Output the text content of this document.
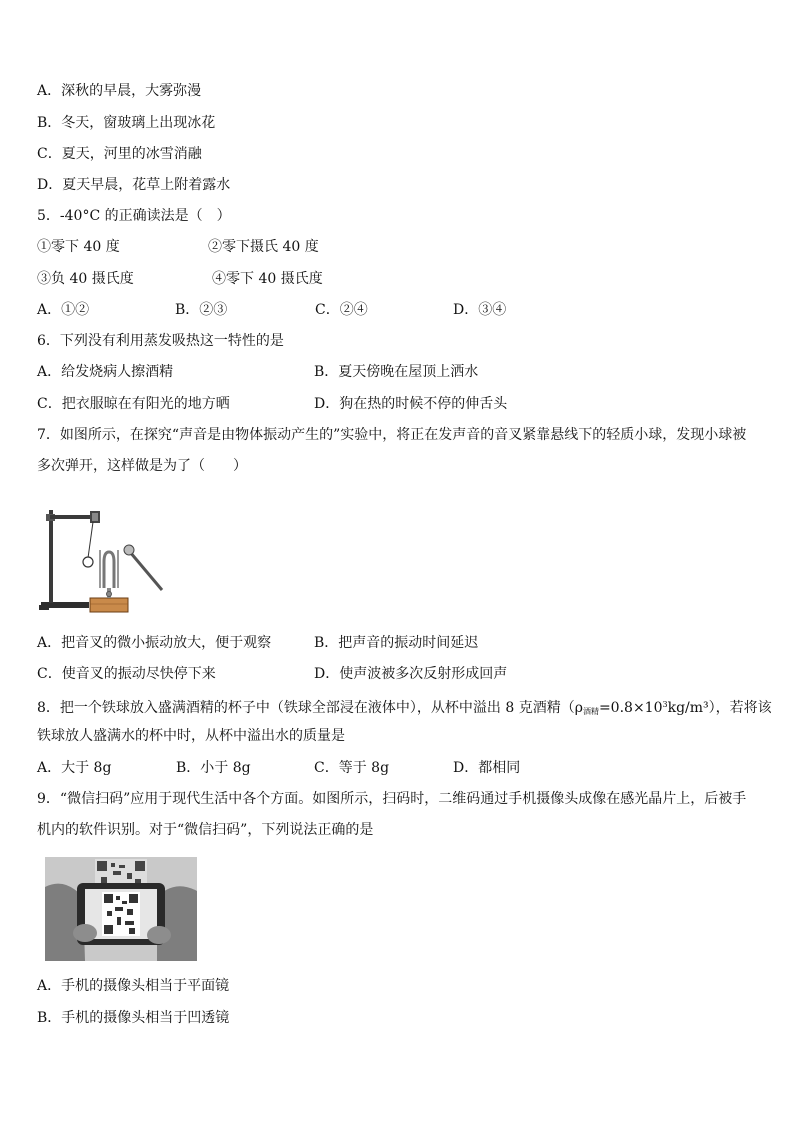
A．深秋的早晨，大雾弥漫
B．冬天，窗玻璃上出现冰花
C．夏天，河里的冰雪消融
D．夏天早晨，花草上附着露水
5．-40°C 的正确读法是（　）
①零下 40 度	②零下摄氏 40 度
③负 40 摄氏度	④零下 40 摄氏度
A．①②	B．②③	C．②④	D．③④
6．下列没有利用蒸发吸热这一特性的是
A．给发烧病人擦酒精	B．夏天傍晚在屋顶上洒水
C．把衣服晾在有阳光的地方晒	D．狗在热的时候不停的伸舌头
7．如图所示，在探究“声音是由物体振动产生的”实验中，将正在发声音的音叉紧靠悬线下的轻质小球，发现小球被
多次弹开，这样做是为了（　　）
A．把音叉的微小振动放大，便于观察	B．把声音的振动时间延迟
C．使音叉的振动尽快停下来	D．使声波被多次反射形成回声
8．把一个铁球放入盛满酒精的杯子中（铁球全部浸在液体中），从杯中溢出 8 克酒精$(\rho_{酒精}=0.8\times 10^3kg/m^3)$，若将该
铁球放人盛满水的杯中时，从杯中溢出水的质量是
A．大于 8g	B．小于 8g	C．等于 8g	D．都相同
9．“微信扫码”应用于现代生活中各个方面。如图所示，扫码时，二维码通过手机摄像头成像在感光晶片上，后被手
机内的软件识别。对于“微信扫码”，下列说法正确的是
A．手机的摄像头相当于平面镜
B．手机的摄像头相当于凹透镜
